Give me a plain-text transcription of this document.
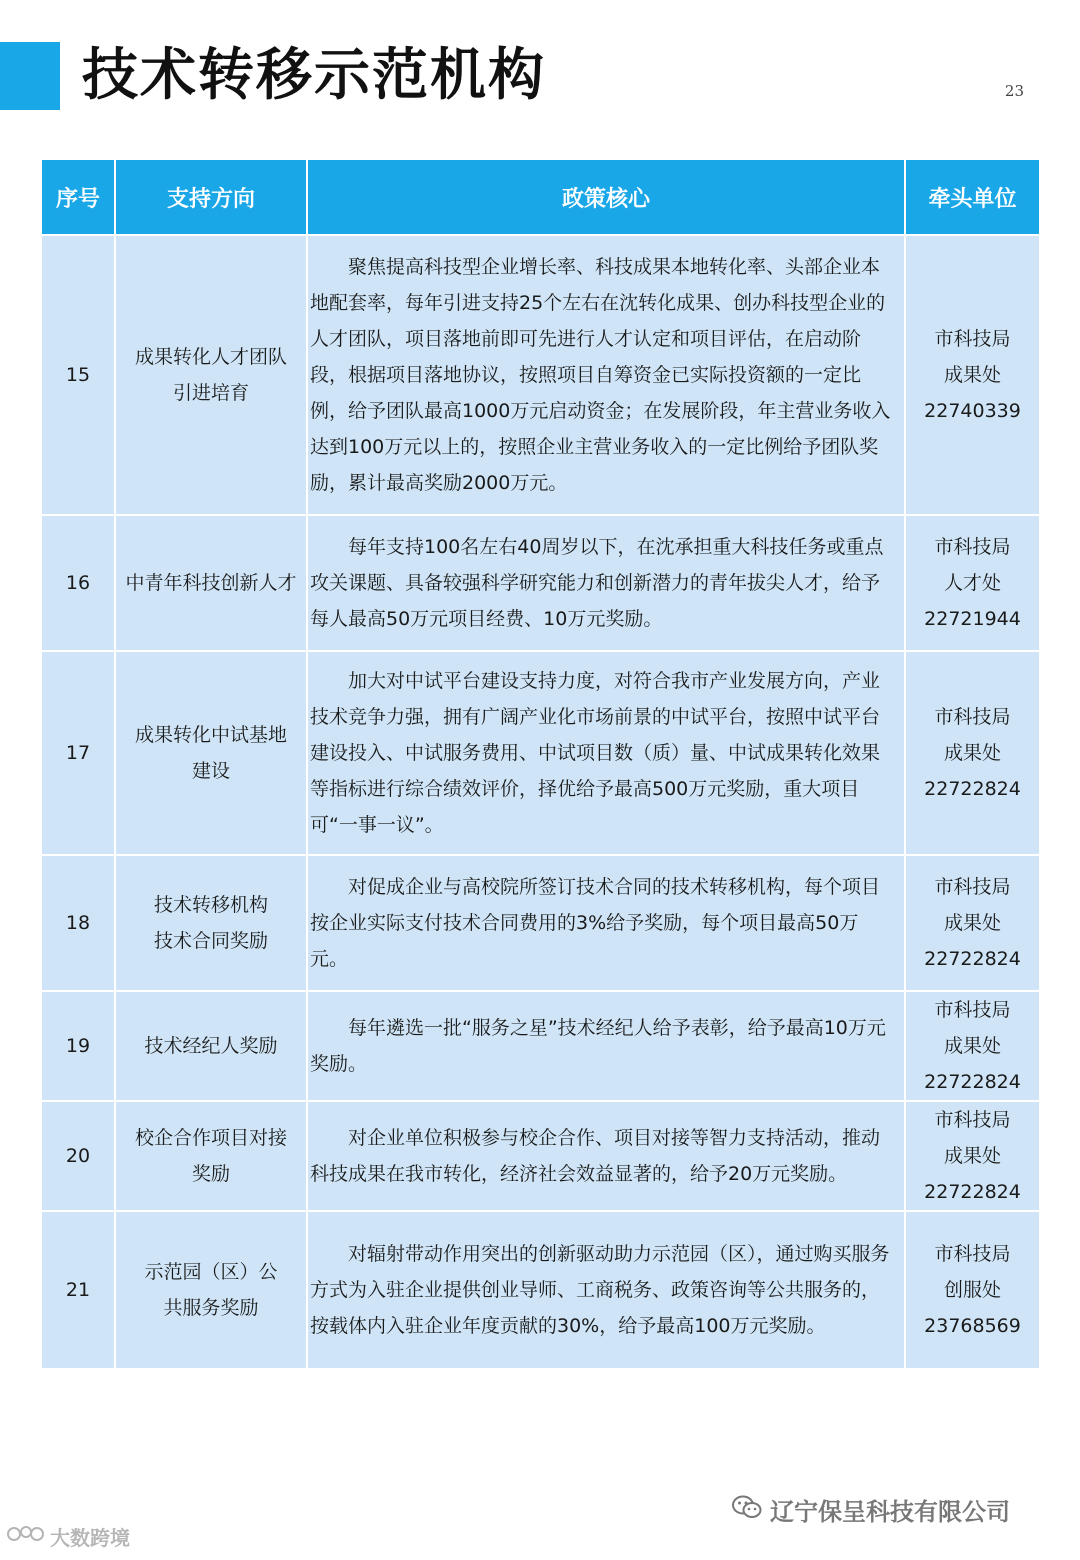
技术转移示范机构	23
序号	支持方向	政策核心	牵头单位
15	成果转化人才团队引进培育	聚焦提高科技型企业增长率、科技成果本地转化率、头部企业本地配套率，每年引进支持25个左右在沈转化成果、创办科技型企业的人才团队，项目落地前即可先进行人才认定和项目评估，在启动阶段，根据项目落地协议，按照项目自筹资金已实际投资额的一定比例，给予团队最高1000万元启动资金；在发展阶段，年主营业务收入达到100万元以上的，按照企业主营业务收入的一定比例给予团队奖励，累计最高奖励2000万元。	市科技局
成果处
22740339

16	中青年科技创新人才	每年支持100名左右40周岁以下，在沈承担重大科技任务或重点攻关课题、具备较强科学研究能力和创新潜力的青年拔尖人才，给予每人最高50万元项目经费、10万元奖励。	市科技局
人才处
22721944

17	成果转化中试基地建设	加大对中试平台建设支持力度，对符合我市产业发展方向，产业技术竞争力强，拥有广阔产业化市场前景的中试平台，按照中试平台建设投入、中试服务费用、中试项目数（质）量、中试成果转化效果等指标进行综合绩效评价，择优给予最高500万元奖励，重大项目可“一事一议”。	市科技局
成果处
22722824

18	技术转移机构技术合同奖励	对促成企业与高校院所签订技术合同的技术转移机构，每个项目按企业实际支付技术合同费用的3%给予奖励，每个项目最高50万元。	市科技局
成果处
22722824

19	技术经纪人奖励	每年遴选一批“服务之星”技术经纪人给予表彰，给予最高10万元奖励。	市科技局
成果处
22722824

20	校企合作项目对接奖励	对企业单位积极参与校企合作、项目对接等智力支持活动，推动科技成果在我市转化，经济社会效益显著的，给予20万元奖励。	市科技局
成果处
22722824

21	示范园（区）公共服务奖励	对辐射带动作用突出的创新驱动助力示范园（区），通过购买服务方式为入驻企业提供创业导师、工商税务、政策咨询等公共服务的，按载体内入驻企业年度贡献的30%，给予最高100万元奖励。	市科技局
创服处
23768569
辽宁保呈科技有限公司
大数跨境
